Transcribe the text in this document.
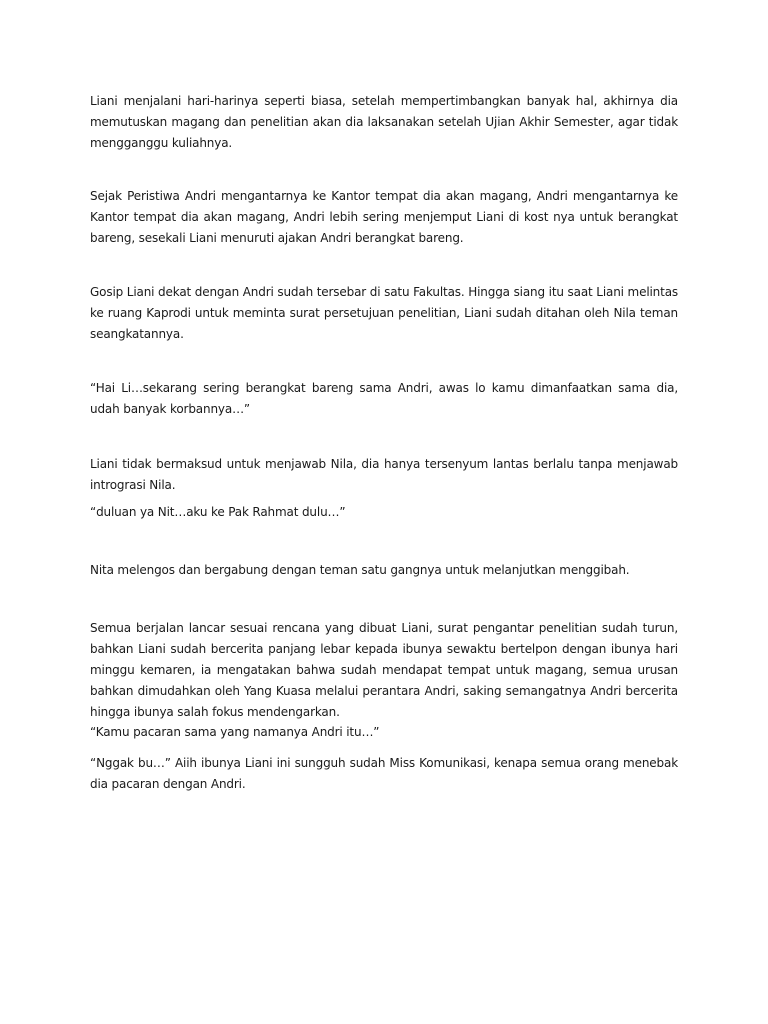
Liani menjalani hari-harinya seperti biasa, setelah mempertimbangkan banyak hal, akhirnya dia memutuskan magang dan penelitian akan dia laksanakan setelah Ujian Akhir Semester, agar tidak mengganggu kuliahnya.

Sejak Peristiwa Andri mengantarnya ke Kantor tempat dia akan magang, Andri mengantarnya ke Kantor tempat dia akan magang, Andri lebih sering menjemput Liani di kost nya untuk berangkat bareng, sesekali Liani menuruti ajakan Andri berangkat bareng.

Gosip Liani dekat dengan Andri sudah tersebar di satu Fakultas. Hingga siang itu saat Liani melintas ke ruang Kaprodi untuk meminta surat persetujuan penelitian, Liani sudah ditahan oleh Nila teman seangkatannya.

“Hai Li…sekarang sering berangkat bareng sama Andri, awas lo kamu dimanfaatkan sama dia, udah banyak korbannya…”

Liani tidak bermaksud untuk menjawab Nila, dia hanya tersenyum lantas berlalu tanpa menjawab intrograsi Nila.

“duluan ya Nit…aku ke Pak Rahmat dulu…”

Nita melengos dan bergabung dengan teman satu gangnya untuk melanjutkan menggibah.

Semua berjalan lancar sesuai rencana yang dibuat Liani, surat pengantar penelitian sudah turun, bahkan Liani sudah bercerita panjang lebar kepada ibunya sewaktu bertelpon dengan ibunya hari minggu kemaren, ia mengatakan bahwa sudah mendapat tempat untuk magang, semua urusan bahkan dimudahkan oleh Yang Kuasa melalui perantara Andri, saking semangatnya Andri bercerita hingga ibunya salah fokus mendengarkan.

“Kamu pacaran sama yang namanya Andri itu…”

“Nggak bu…” Aiih ibunya Liani ini sungguh sudah Miss Komunikasi, kenapa semua orang menebak dia pacaran dengan Andri.
